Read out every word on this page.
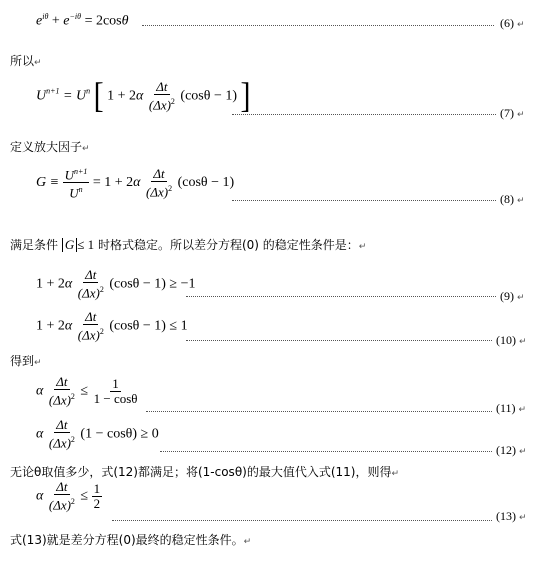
$e^{i\theta} + e^{-i\theta} = 2\cos\theta$	(6) ↵
所以↵
$U^{n+1} = U^n$ [ $1 + 2\alpha \frac{\Delta t}{(\Delta x)^2} (\cos\theta - 1)$ ]	(7) ↵
定义放大因子↵
$G \equiv \frac{U^{n+1}}{U^n} = 1 + 2\alpha \frac{\Delta t}{(\Delta x)^2} (\cos\theta - 1)$
(8) ↵
满足条件 G ≤ 1 时格式稳定。所以差分方程(0) 的稳定性条件是：↵
$1 + 2\alpha \frac{\Delta t}{(\Delta x)^2} (\cos\theta - 1) \ge -1$
(9) ↵
$1 + 2\alpha \frac{\Delta t}{(\Delta x)^2} (\cos\theta - 1) \le 1$
(10) ↵
得到↵
α $\frac{\Delta t}{(\Delta x)^2} \le \frac{1}{1 - \cos\theta}$
(11) ↵
α $\frac{\Delta t}{(\Delta x)^2} (1 - \cos\theta) \ge 0$
(12) ↵
无论θ取值多少，式(12)都满足；将(1-cosθ)的最大值代入式(11)，则得↵
α $\frac{\Delta t}{(\Delta x)^2} \le \frac{1}{2}$
(13) ↵
式(13)就是差分方程(0)最终的稳定性条件。↵
